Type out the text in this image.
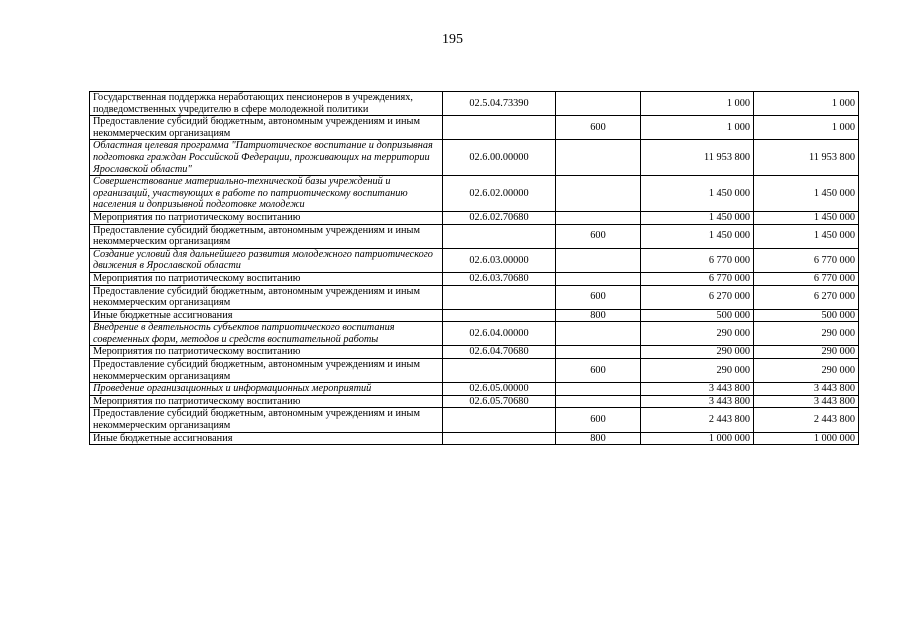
195
Государственная поддержка неработающих пенсионеров в учреждениях, подведомственных учредителю в сфере молодежной политики	02.5.04.73390		1 000	1 000
Предоставление субсидий бюджетным, автономным учреждениям и иным некоммерческим организациям		600	1 000	1 000
Областная целевая программа "Патриотическое воспитание и допризывная подготовка граждан Российской Федерации, проживающих на территории Ярославской области"	02.6.00.00000		11 953 800	11 953 800
Совершенствование материально-технической базы учреждений и организаций, участвующих в работе по патриотическому воспитанию населения и допризывной подготовке молодежи	02.6.02.00000		1 450 000	1 450 000
Мероприятия по патриотическому воспитанию	02.6.02.70680		1 450 000	1 450 000
Предоставление субсидий бюджетным, автономным учреждениям и иным некоммерческим организациям		600	1 450 000	1 450 000
Создание условий для дальнейшего развития молодежного патриотического движения в Ярославской области	02.6.03.00000		6 770 000	6 770 000
Мероприятия по патриотическому воспитанию	02.6.03.70680		6 770 000	6 770 000
Предоставление субсидий бюджетным, автономным учреждениям и иным некоммерческим организациям		600	6 270 000	6 270 000
Иные бюджетные ассигнования		800	500 000	500 000
Внедрение в деятельность субъектов патриотического воспитания современных форм, методов и средств воспитательной работы	02.6.04.00000		290 000	290 000
Мероприятия по патриотическому воспитанию	02.6.04.70680		290 000	290 000
Предоставление субсидий бюджетным, автономным учреждениям и иным некоммерческим организациям		600	290 000	290 000
Проведение организационных и информационных мероприятий	02.6.05.00000		3 443 800	3 443 800
Мероприятия по патриотическому воспитанию	02.6.05.70680		3 443 800	3 443 800
Предоставление субсидий бюджетным, автономным учреждениям и иным некоммерческим организациям		600	2 443 800	2 443 800
Иные бюджетные ассигнования		800	1 000 000	1 000 000
